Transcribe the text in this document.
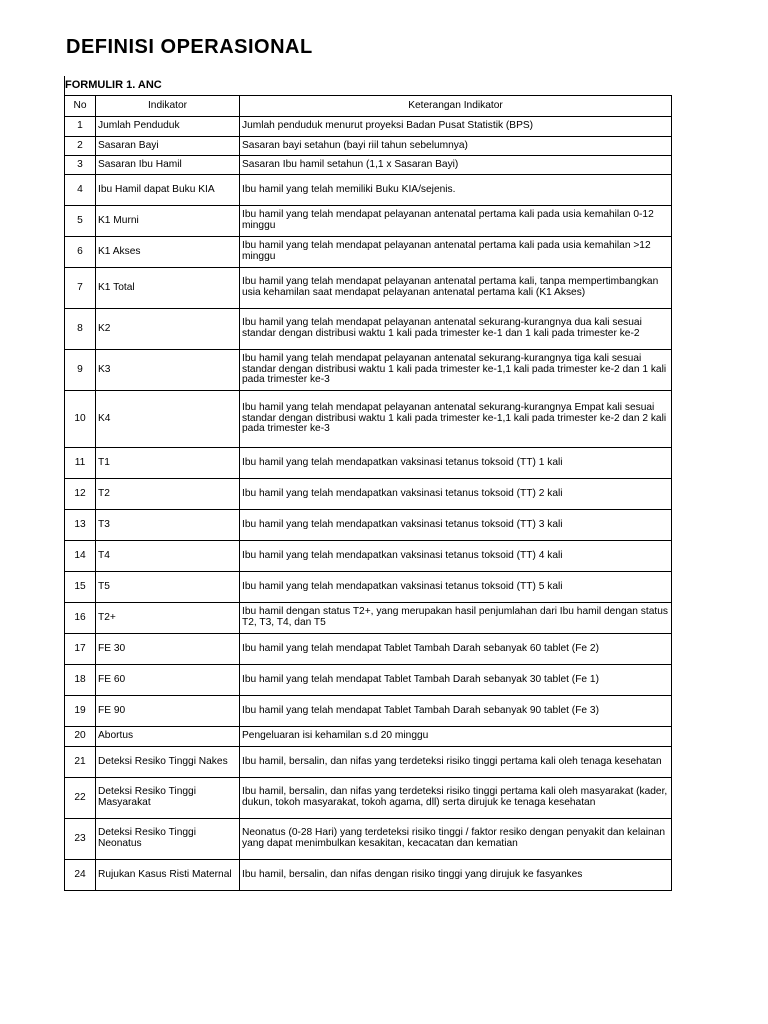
DEFINISI OPERASIONAL
FORMULIR 1. ANC
No	Indikator	Keterangan Indikator
1	Jumlah Penduduk	Jumlah penduduk menurut proyeksi Badan Pusat Statistik (BPS)
2	Sasaran Bayi	Sasaran bayi setahun (bayi riil tahun sebelumnya)
3	Sasaran Ibu Hamil	Sasaran Ibu hamil setahun (1,1 x Sasaran Bayi)
4	Ibu Hamil dapat Buku KIA	Ibu hamil yang telah memiliki Buku KIA/sejenis.
5	K1 Murni	Ibu hamil yang telah mendapat pelayanan antenatal pertama kali pada usia kemahilan 0-12 minggu
6	K1 Akses	Ibu hamil yang telah mendapat pelayanan antenatal pertama kali pada usia kemahilan >12 minggu
7	K1 Total	Ibu hamil yang telah mendapat pelayanan antenatal pertama kali, tanpa mempertimbangkan usia kehamilan saat mendapat pelayanan antenatal pertama kali (K1 Akses)
8	K2	Ibu hamil yang telah mendapat pelayanan antenatal sekurang-kurangnya dua kali sesuai standar dengan distribusi waktu 1 kali pada trimester ke-1 dan 1 kali pada trimester ke-2
9	K3	Ibu hamil yang telah mendapat pelayanan antenatal sekurang-kurangnya tiga kali sesuai standar dengan distribusi waktu 1 kali pada trimester ke-1,1 kali pada trimester ke-2 dan 1 kali pada trimester ke-3
10	K4	Ibu hamil yang telah mendapat pelayanan antenatal sekurang-kurangnya Empat kali sesuai standar dengan distribusi waktu 1 kali pada trimester ke-1,1 kali pada trimester ke-2 dan 2 kali pada trimester ke-3
11	T1	Ibu hamil yang telah mendapatkan vaksinasi tetanus toksoid (TT) 1 kali
12	T2	Ibu hamil yang telah mendapatkan vaksinasi tetanus toksoid (TT) 2 kali
13	T3	Ibu hamil yang telah mendapatkan vaksinasi tetanus toksoid (TT) 3 kali
14	T4	Ibu hamil yang telah mendapatkan vaksinasi tetanus toksoid (TT) 4 kali
15	T5	Ibu hamil yang telah mendapatkan vaksinasi tetanus toksoid (TT) 5 kali
16	T2+	Ibu hamil dengan status T2+, yang merupakan hasil penjumlahan dari Ibu hamil dengan status T2, T3, T4, dan T5
17	FE 30	Ibu hamil yang telah mendapat Tablet Tambah Darah sebanyak 60 tablet (Fe 2)
18	FE 60	Ibu hamil yang telah mendapat Tablet Tambah Darah sebanyak 30 tablet (Fe 1)
19	FE 90	Ibu hamil yang telah mendapat Tablet Tambah Darah sebanyak 90 tablet (Fe 3)
20	Abortus	Pengeluaran isi kehamilan s.d 20 minggu
21	Deteksi Resiko Tinggi Nakes	Ibu hamil, bersalin, dan nifas yang terdeteksi risiko tinggi pertama kali oleh tenaga kesehatan
22	Deteksi Resiko Tinggi Masyarakat	Ibu hamil, bersalin, dan nifas yang terdeteksi risiko tinggi pertama kali oleh masyarakat (kader, dukun, tokoh masyarakat, tokoh agama, dll) serta dirujuk ke tenaga kesehatan
23	Deteksi Resiko Tinggi Neonatus	Neonatus (0-28 Hari) yang terdeteksi risiko tinggi / faktor resiko dengan penyakit dan kelainan yang dapat menimbulkan kesakitan, kecacatan dan kematian
24	Rujukan Kasus Risti Maternal	Ibu hamil, bersalin, dan nifas dengan risiko tinggi yang dirujuk ke fasyankes
